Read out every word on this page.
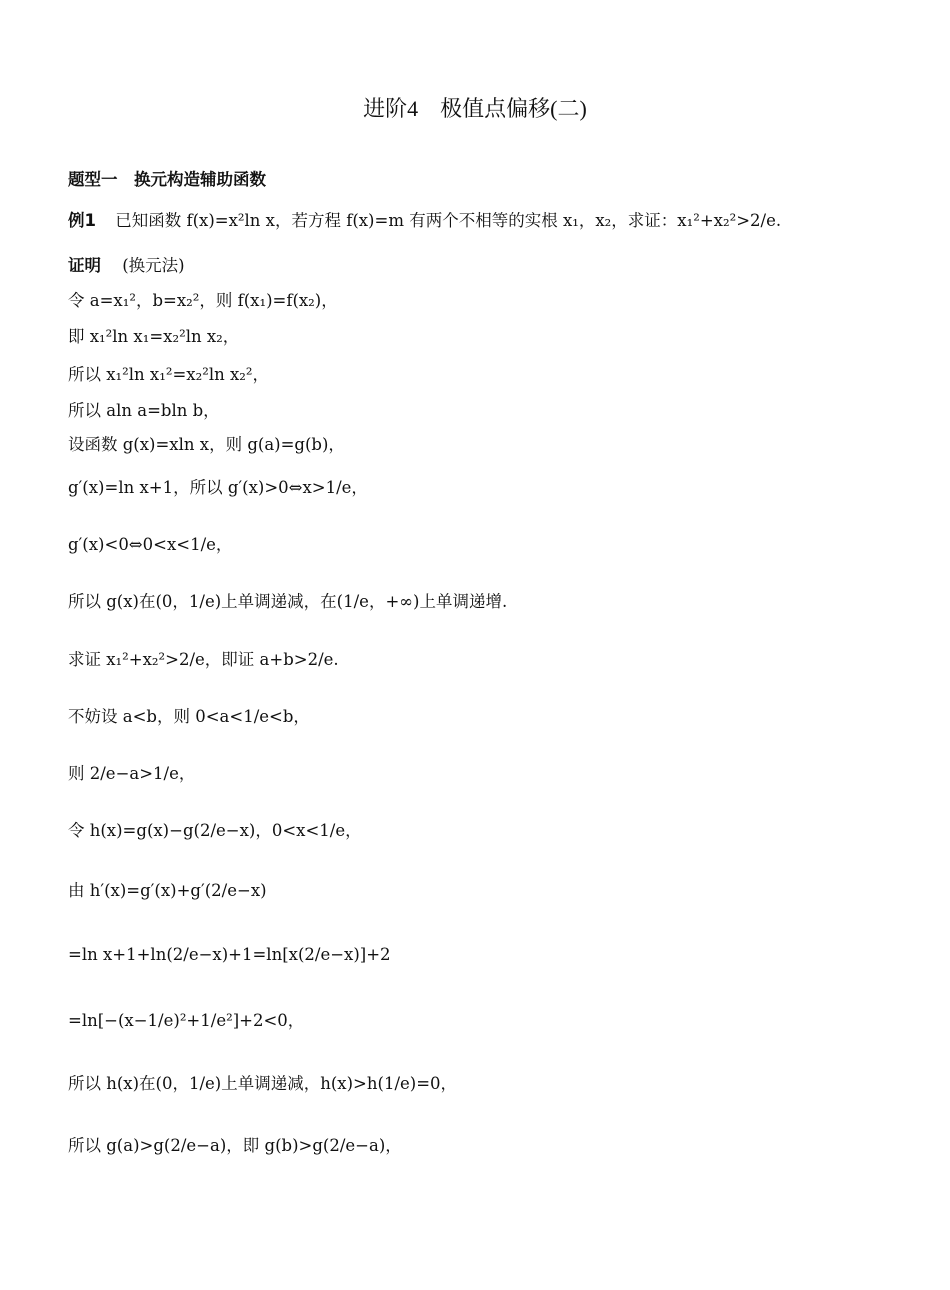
进阶4　极值点偏移(二)
题型一　换元构造辅助函数
例1 已知函数 f(x)=x²ln x，若方程 f(x)=m 有两个不相等的实根 x₁，x₂，求证：x₁²+x₂²>2/e.
证明 (换元法)
令 a=x₁²，b=x₂²，则 f(x₁)=f(x₂)，
即 x₁²ln x₁=x₂²ln x₂，
所以 x₁²ln x₁²=x₂²ln x₂²，
所以 aln a=bln b，
设函数 g(x)=xln x，则 g(a)=g(b)，
g′(x)=ln x+1，所以 g′(x)>0⇔x>1/e，
g′(x)<0⇔0<x<1/e，
所以 g(x)在(0，1/e)上单调递减，在(1/e，+∞)上单调递增.
求证 x₁²+x₂²>2/e，即证 a+b>2/e.
不妨设 a<b，则 0<a<1/e<b，
则 2/e−a>1/e，
令 h(x)=g(x)−g(2/e−x)，0<x<1/e，
由 h′(x)=g′(x)+g′(2/e−x)
=ln x+1+ln(2/e−x)+1=ln[x(2/e−x)]+2
=ln[−(x−1/e)²+1/e²]+2<0，
所以 h(x)在(0，1/e)上单调递减，h(x)>h(1/e)=0，
所以 g(a)>g(2/e−a)，即 g(b)>g(2/e−a)，
